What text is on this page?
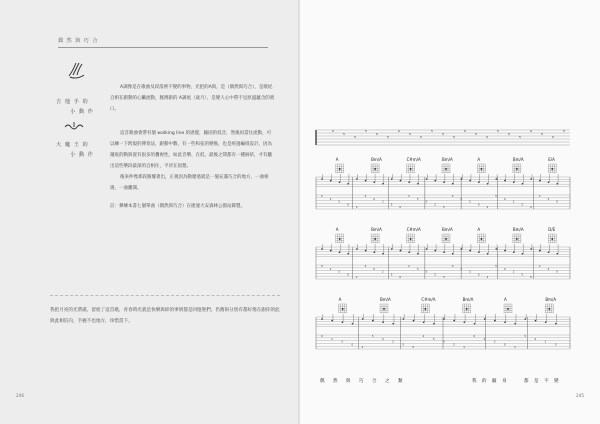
偶 然 與 巧 合
吉 他 手 的
小 動 作

A調像是在歌曲及段落裡不變的事物，光把的A與，是（偶然與巧合），是歌紀自相在跟動的心臟流動，脈搏跟的 A調尾（歲月），是變人心中帶不見原盛蘊含的奧口。

大 魔 王 的
小 動 作

這首歌曲會帶有個 walking line 的感覺，隨固的低音，然後再當往流動，可以練一下跨規的彈奏法，跟動中數，有一些和弦的變換，也是經過編排設計，因為鋪底的動與置有很多的疊複性，如此音樂、在低，最後之間都有一種糾結，才有聽出這些樂段最深的自相住，平淡在固想。

後來仲像那段跟覆著出，正視因為動麼過就是一個充滿巧合的地方，一曲相遇，一曲離開。

註：彈練本書七個單曲（偶然與巧合）在捷運大安森林公園站錄製。

我把月亮的光帶滿，留給了這首歌，青春時光就是快樂與碎的事情都是回憶聖們，仍舊盼分別有都好像在跟你的此與此相信向，手握不也地方，珍惜當下。
246	245
0
5
0
5
0
5
0
5
0
5
0
5
0
5
0
5
0
5
0
5
0
5
A	Bm/A	C#m/A	Bm/A	A	Bm/A	E/A
0
2
5
0
2
5
0
2
5
0
2
5
0
2
5
0
2
5
0
2
5
0
2
5
0
2
5
0
A	Bm/A	C#m/A	Bm/A	A	Bm/A	D/E
0
2
5
0
2
5
0
2
5
0
2
5
0
2
5
0
2
5
0
2
5
0
2
5
0
2
5
0
A	Bm/A	C#m/A	Bm/A	A	Bm/A
0
2
5
0
2
5
0
2
5
0
2
5
0
2
5
0
2
5
0
2
5
0
2
5
偶 然 與 巧 合 之 類	我 的 隨 身	都 是 不 變
